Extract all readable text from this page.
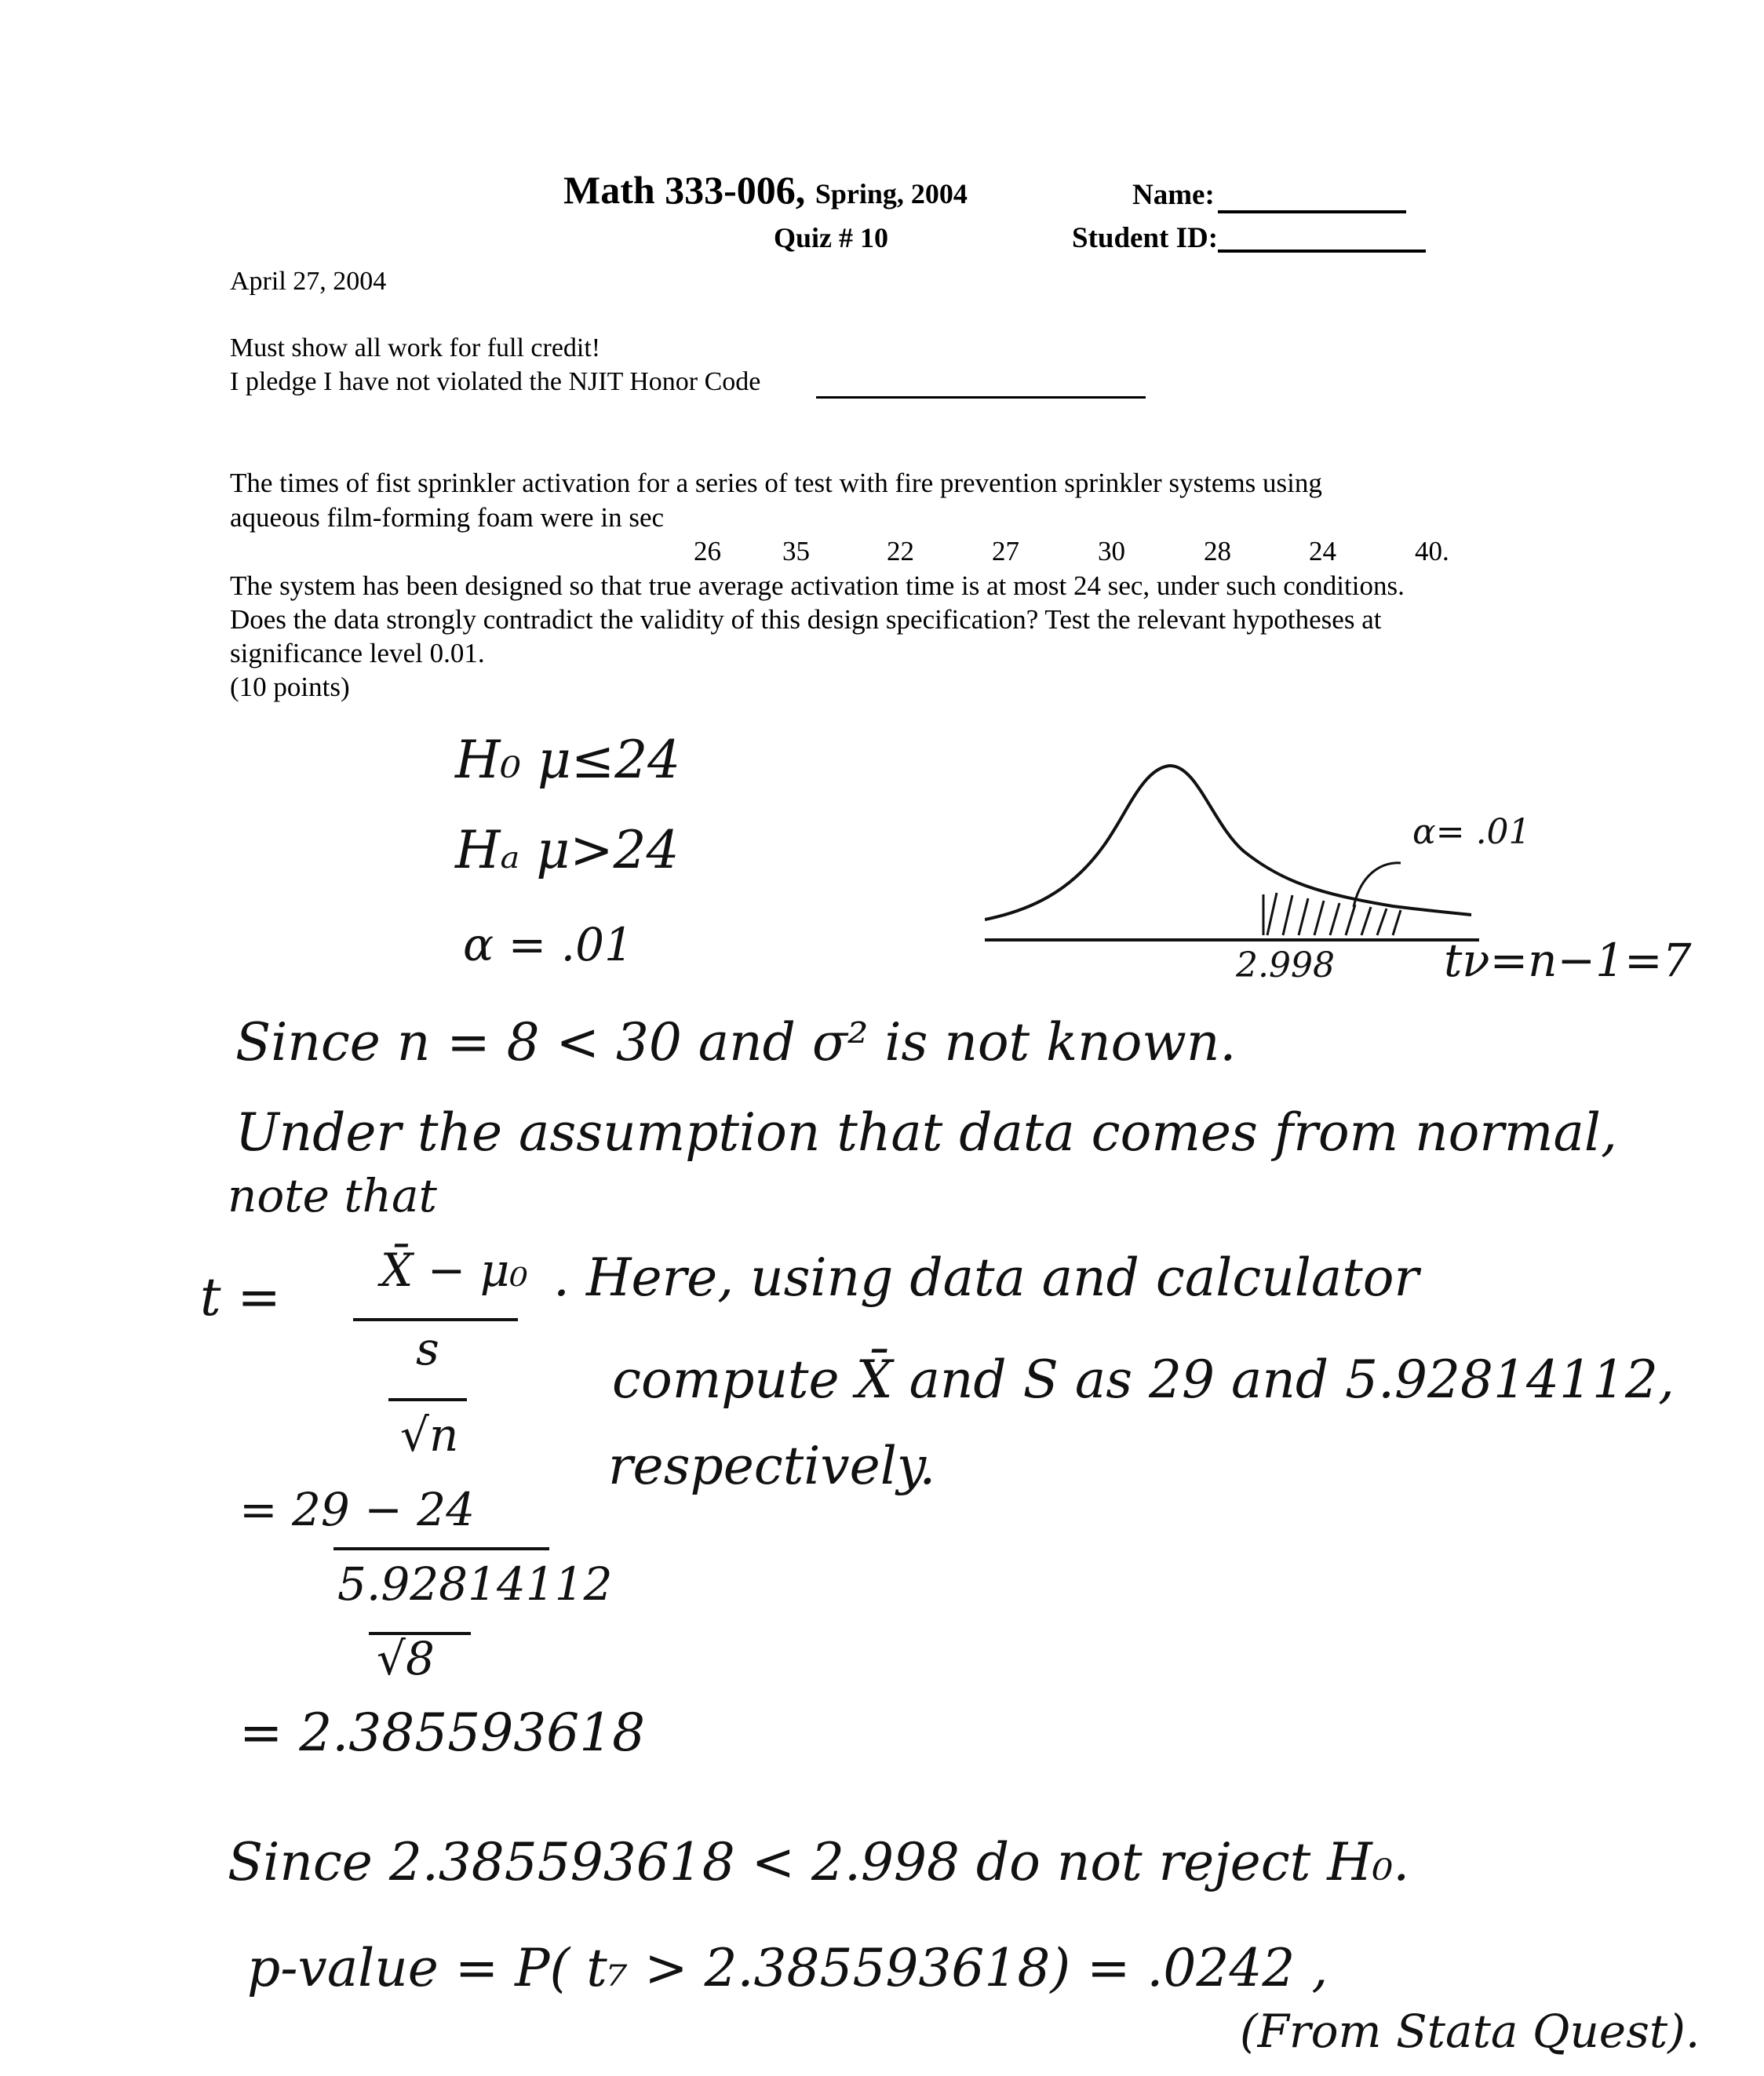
Math 333-006, Spring, 2004
Quiz # 10
Name:
Student ID:
April 27, 2004
Must show all work for full credit!
I pledge I have not violated the NJIT Honor Code
The times of fist sprinkler activation for a series of test with fire prevention sprinkler systems using
aqueous film-forming foam were in sec
26 35	22	27	30	28	24	40.
The system has been designed so that true average activation time is at most 24 sec, under such conditions.
Does the data strongly contradict the validity of this design specification? Test the relevant hypotheses at
significance level 0.01.
(10 points)
H₀ μ≤24
Hₐ μ>24
α = .01
α= .01
2.998 tν=n−1=7
Since n = 8 < 30 and σ² is not known.
Under the assumption that data comes from normal,
note that
t = X̄ − μ₀
s
√n
. Here, using data and calculator
compute X̄ and S as 29 and 5.92814112,
respectively.
= 29 − 24
5.92814112
√8
= 2.385593618
Since 2.385593618 < 2.998 do not reject H₀.
p-value = P( t₇ > 2.385593618) = .0242 ,
(From Stata Quest).
